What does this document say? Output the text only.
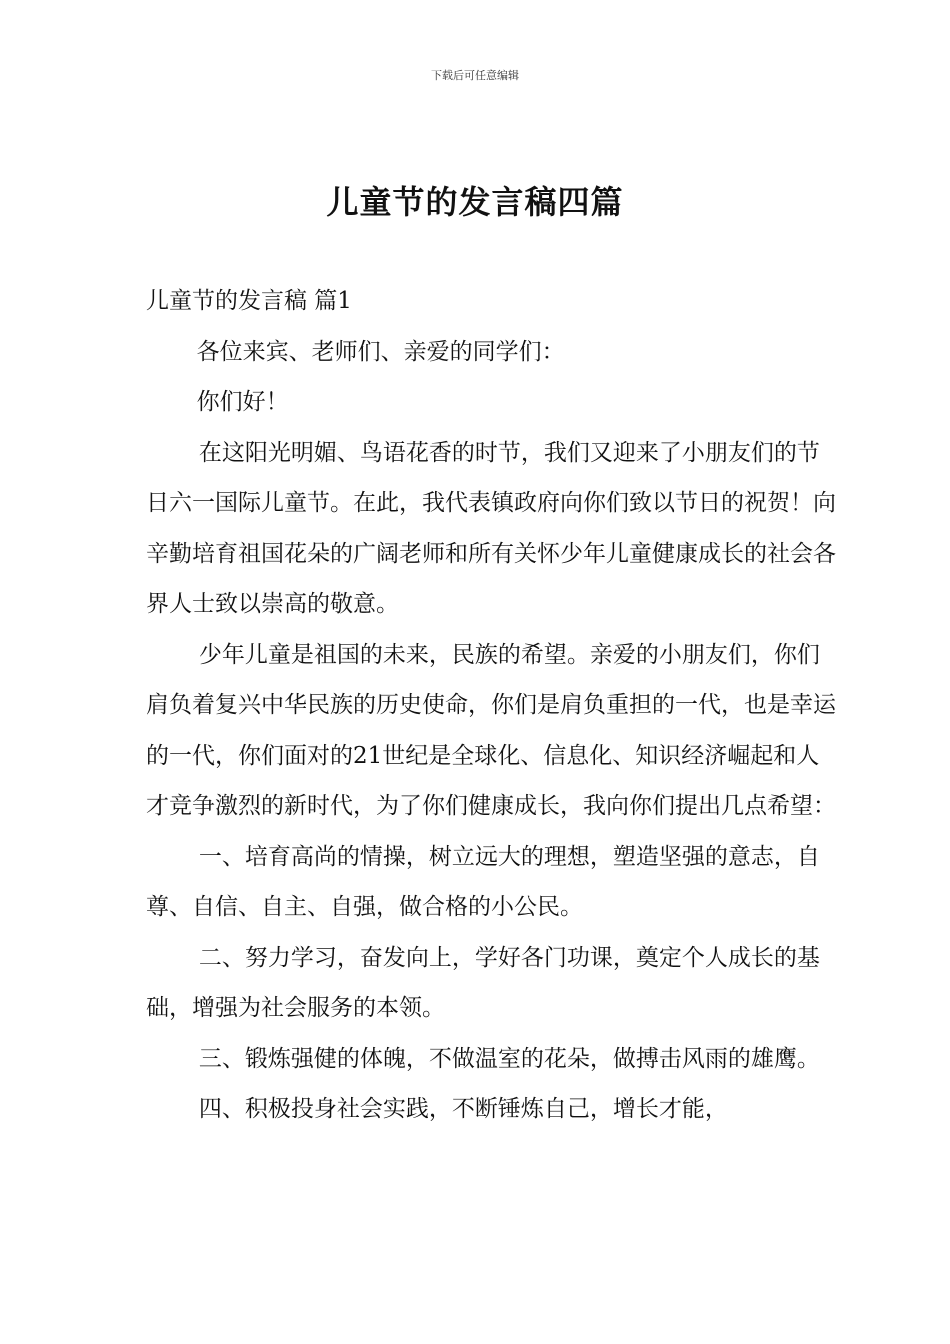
下载后可任意编辑
儿童节的发言稿四篇

儿童节的发言稿 篇1

各位来宾、老师们、亲爱的同学们：

你们好！

在这阳光明媚、鸟语花香的时节，我们又迎来了小朋友们的节日六一国际儿童节。在此，我代表镇政府向你们致以节日的祝贺！向辛勤培育祖国花朵的广阔老师和所有关怀少年儿童健康成长的社会各界人士致以崇高的敬意。

少年儿童是祖国的未来，民族的希望。亲爱的小朋友们，你们肩负着复兴中华民族的历史使命，你们是肩负重担的一代，也是幸运的一代，你们面对的21世纪是全球化、信息化、知识经济崛起和人才竞争激烈的新时代，为了你们健康成长，我向你们提出几点希望：

一、培育高尚的情操，树立远大的理想，塑造坚强的意志，自尊、自信、自主、自强，做合格的小公民。

二、努力学习，奋发向上，学好各门功课，奠定个人成长的基础，增强为社会服务的本领。

三、锻炼强健的体魄，不做温室的花朵，做搏击风雨的雄鹰。

四、积极投身社会实践，不断锤炼自己，增长才能，
